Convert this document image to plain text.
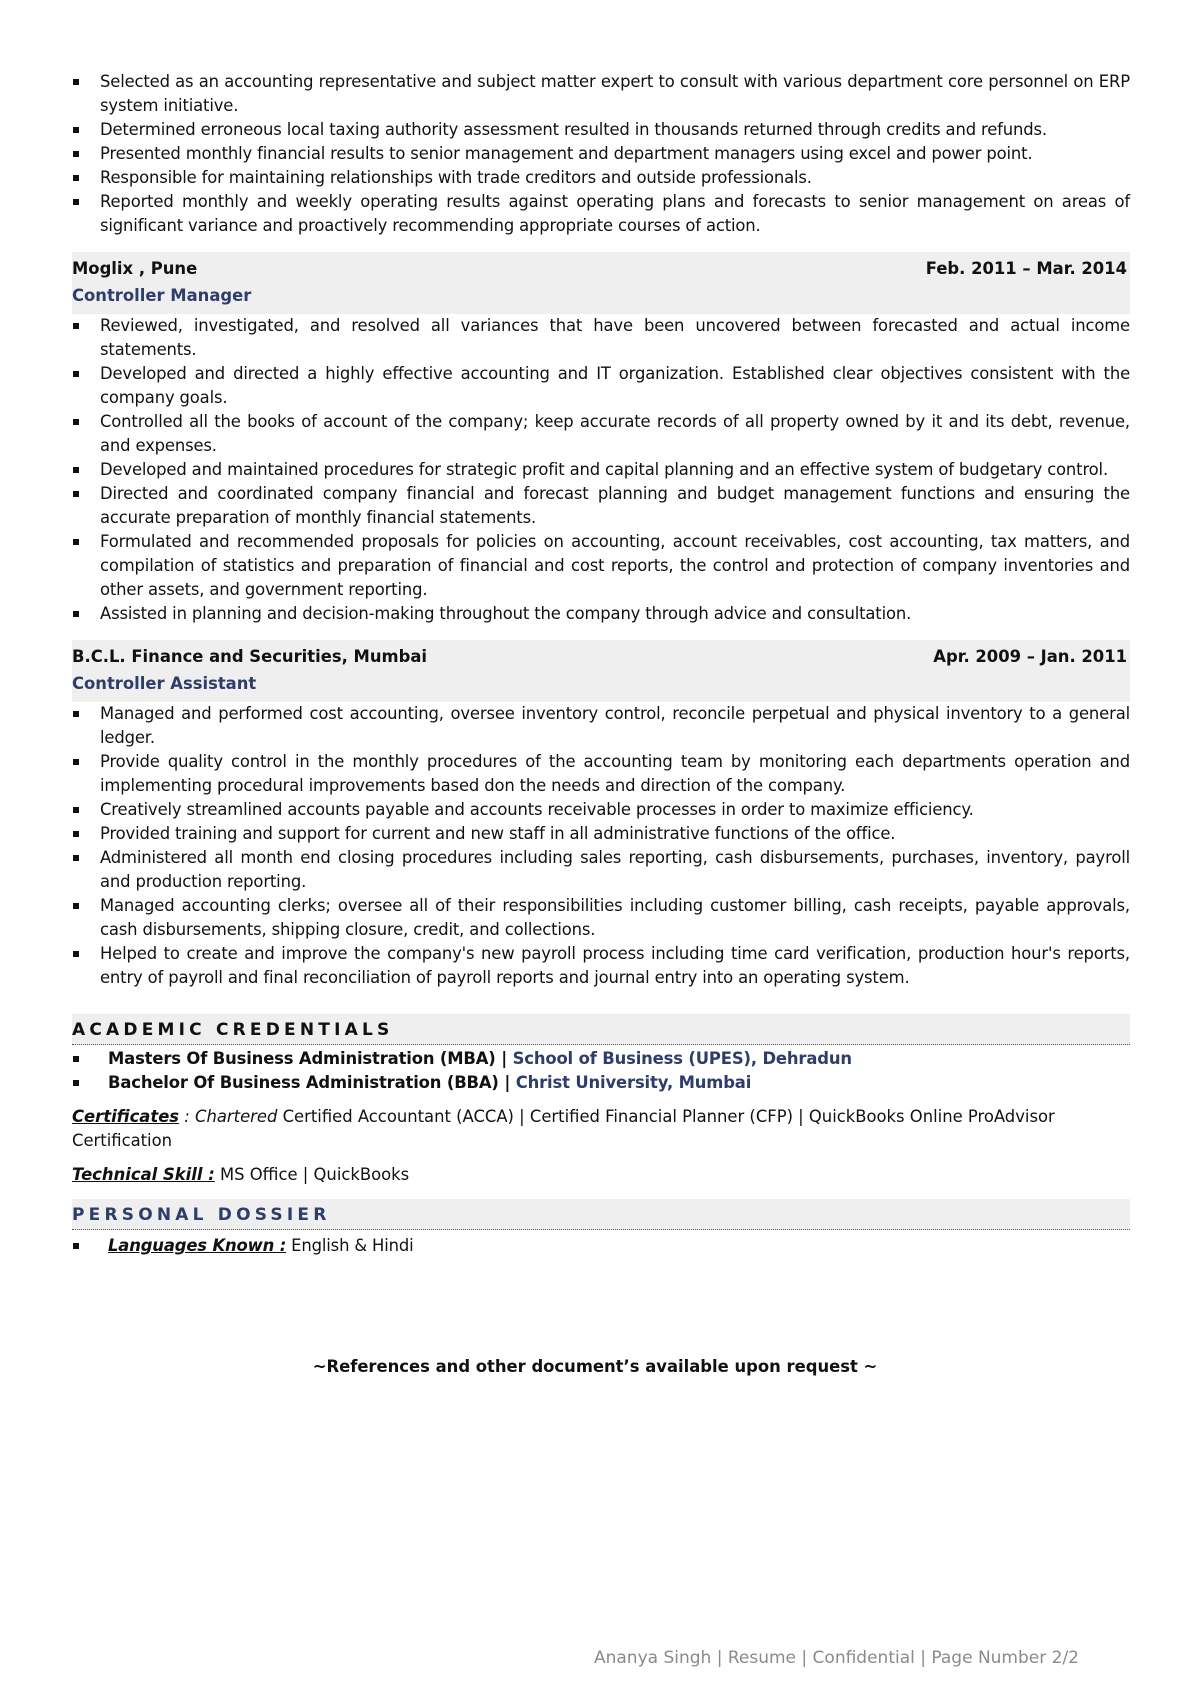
Selected as an accounting representative and subject matter expert to consult with various department core personnel on ERP system initiative.
Determined erroneous local taxing authority assessment resulted in thousands returned through credits and refunds.
Presented monthly financial results to senior management and department managers using excel and power point.
Responsible for maintaining relationships with trade creditors and outside professionals.
Reported monthly and weekly operating results against operating plans and forecasts to senior management on areas of significant variance and proactively recommending appropriate courses of action.
Moglix , Pune	Feb. 2011 – Mar. 2014
Controller Manager
Reviewed, investigated, and resolved all variances that have been uncovered between forecasted and actual income statements.
Developed and directed a highly effective accounting and IT organization. Established clear objectives consistent with the company goals.
Controlled all the books of account of the company; keep accurate records of all property owned by it and its debt, revenue, and expenses.
Developed and maintained procedures for strategic profit and capital planning and an effective system of budgetary control.
Directed and coordinated company financial and forecast planning and budget management functions and ensuring the accurate preparation of monthly financial statements.
Formulated and recommended proposals for policies on accounting, account receivables, cost accounting, tax matters, and compilation of statistics and preparation of financial and cost reports, the control and protection of company inventories and other assets, and government reporting.
Assisted in planning and decision-making throughout the company through advice and consultation.
B.C.L. Finance and Securities, Mumbai	Apr. 2009 – Jan. 2011
Controller Assistant
Managed and performed cost accounting, oversee inventory control, reconcile perpetual and physical inventory to a general ledger.
Provide quality control in the monthly procedures of the accounting team by monitoring each departments operation and implementing procedural improvements based don the needs and direction of the company.
Creatively streamlined accounts payable and accounts receivable processes in order to maximize efficiency.
Provided training and support for current and new staff in all administrative functions of the office.
Administered all month end closing procedures including sales reporting, cash disbursements, purchases, inventory, payroll and production reporting.
Managed accounting clerks; oversee all of their responsibilities including customer billing, cash receipts, payable approvals, cash disbursements, shipping closure, credit, and collections.
Helped to create and improve the company's new payroll process including time card verification, production hour's reports, entry of payroll and final reconciliation of payroll reports and journal entry into an operating system.
ACADEMIC CREDENTIALS
Masters Of Business Administration (MBA) | School of Business (UPES), Dehradun
Bachelor Of Business Administration (BBA) | Christ University, Mumbai
Certificates : Chartered Certified Accountant (ACCA) | Certified Financial Planner (CFP) | QuickBooks Online ProAdvisor Certification
Technical Skill : MS Office | QuickBooks
PERSONAL DOSSIER
Languages Known : English & Hindi
~References and other document’s available upon request ~
Ananya Singh | Resume | Confidential | Page Number 2/2
